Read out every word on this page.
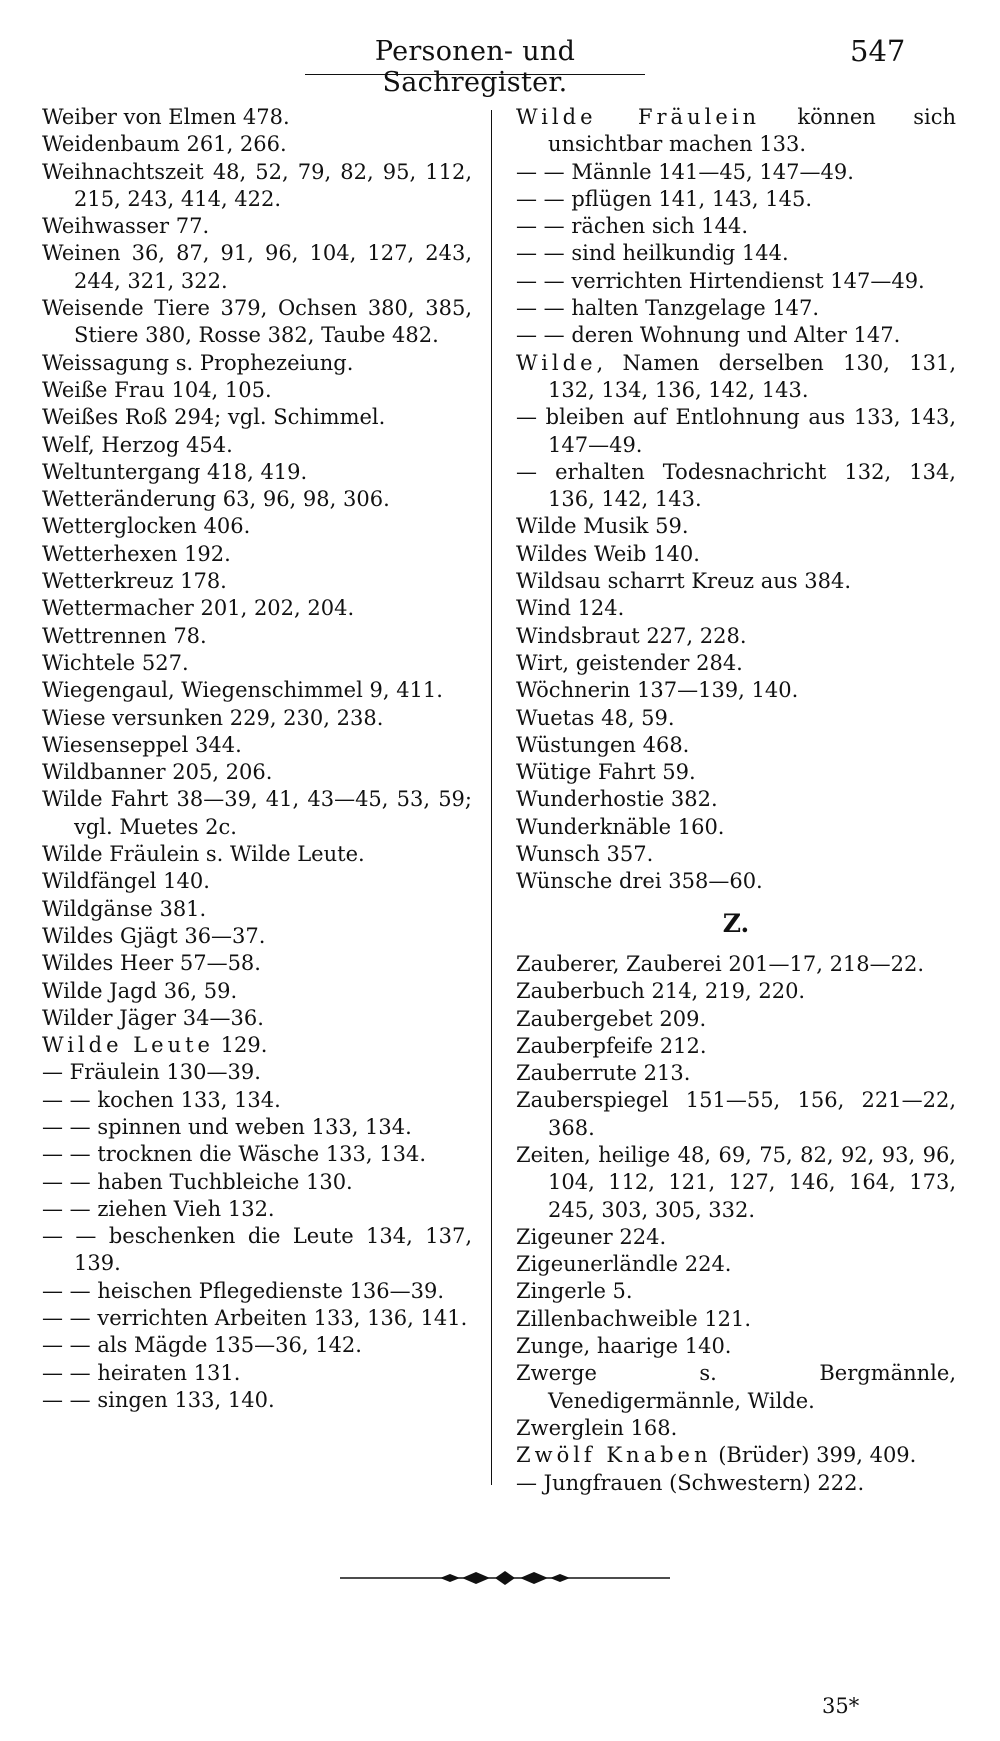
Personen- und Sachregister.
547
Weiber von Elmen 478.
Weidenbaum 261, 266.
Weihnachtszeit 48, 52, 79, 82, 95, 112, 215, 243, 414, 422.
Weihwasser 77.
Weinen 36, 87, 91, 96, 104, 127, 243, 244, 321, 322.
Weisende Tiere 379, Ochsen 380, 385, Stiere 380, Rosse 382, Taube 482.
Weissagung s. Prophezeiung.
Weiße Frau 104, 105.
Weißes Roß 294; vgl. Schimmel.
Welf, Herzog 454.
Weltuntergang 418, 419.
Wetteränderung 63, 96, 98, 306.
Wetterglocken 406.
Wetterhexen 192.
Wetterkreuz 178.
Wettermacher 201, 202, 204.
Wettrennen 78.
Wichtele 527.
Wiegengaul, Wiegenschimmel 9, 411.
Wiese versunken 229, 230, 238.
Wiesenseppel 344.
Wildbanner 205, 206.
Wilde Fahrt 38—39, 41, 43—45, 53, 59; vgl. Muetes 2c.
Wilde Fräulein s. Wilde Leute.
Wildfängel 140.
Wildgänse 381.
Wildes Gjägt 36—37.
Wildes Heer 57—58.
Wilde Jagd 36, 59.
Wilder Jäger 34—36.
Wilde Leute 129.
— Fräulein 130—39.
— — kochen 133, 134.
— — spinnen und weben 133, 134.
— — trocknen die Wäsche 133, 134.
— — haben Tuchbleiche 130.
— — ziehen Vieh 132.
— — beschenken die Leute 134, 137, 139.
— — heischen Pflegedienste 136—39.
— — verrichten Arbeiten 133, 136, 141.
— — als Mägde 135—36, 142.
— — heiraten 131.
— — singen 133, 140.
Wilde Fräulein können sich unsichtbar machen 133.
— — Männle 141—45, 147—49.
— — pflügen 141, 143, 145.
— — rächen sich 144.
— — sind heilkundig 144.
— — verrichten Hirtendienst 147—49.
— — halten Tanzgelage 147.
— — deren Wohnung und Alter 147.
Wilde, Namen derselben 130, 131, 132, 134, 136, 142, 143.
— bleiben auf Entlohnung aus 133, 143, 147—49.
— erhalten Todesnachricht 132, 134, 136, 142, 143.
Wilde Musik 59.
Wildes Weib 140.
Wildsau scharrt Kreuz aus 384.
Wind 124.
Windsbraut 227, 228.
Wirt, geistender 284.
Wöchnerin 137—139, 140.
Wuetas 48, 59.
Wüstungen 468.
Wütige Fahrt 59.
Wunderhostie 382.
Wunderknäble 160.
Wunsch 357.
Wünsche drei 358—60.
Z.
Zauberer, Zauberei 201—17, 218—22.
Zauberbuch 214, 219, 220.
Zaubergebet 209.
Zauberpfeife 212.
Zauberrute 213.
Zauberspiegel 151—55, 156, 221—22, 368.
Zeiten, heilige 48, 69, 75, 82, 92, 93, 96, 104, 112, 121, 127, 146, 164, 173, 245, 303, 305, 332.
Zigeuner 224.
Zigeunerländle 224.
Zingerle 5.
Zillenbachweible 121.
Zunge, haarige 140.
Zwerge s. Bergmännle, Venedigermännle, Wilde.
Zwerglein 168.
Zwölf Knaben (Brüder) 399, 409.
— Jungfrauen (Schwestern) 222.
35*
